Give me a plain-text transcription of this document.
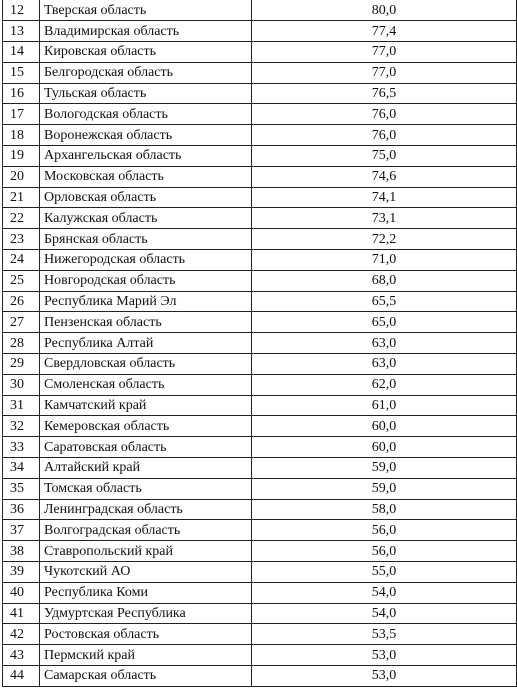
12	Тверская область	80,0
13	Владимирская область	77,4
14	Кировская область	77,0
15	Белгородская область	77,0
16	Тульская область	76,5
17	Вологодская область	76,0
18	Воронежская область	76,0
19	Архангельская область	75,0
20	Московская область	74,6
21	Орловская область	74,1
22	Калужская область	73,1
23	Брянская область	72,2
24	Нижегородская область	71,0
25	Новгородская область	68,0
26	Республика Марий Эл	65,5
27	Пензенская область	65,0
28	Республика Алтай	63,0
29	Свердловская область	63,0
30	Смоленская область	62,0
31	Камчатский край	61,0
32	Кемеровская область	60,0
33	Саратовская область	60,0
34	Алтайский край	59,0
35	Томская область	59,0
36	Ленинградская область	58,0
37	Волгоградская область	56,0
38	Ставропольский край	56,0
39	Чукотский АО	55,0
40	Республика Коми	54,0
41	Удмуртская Республика	54,0
42	Ростовская область	53,5
43	Пермский край	53,0
44	Самарская область	53,0
